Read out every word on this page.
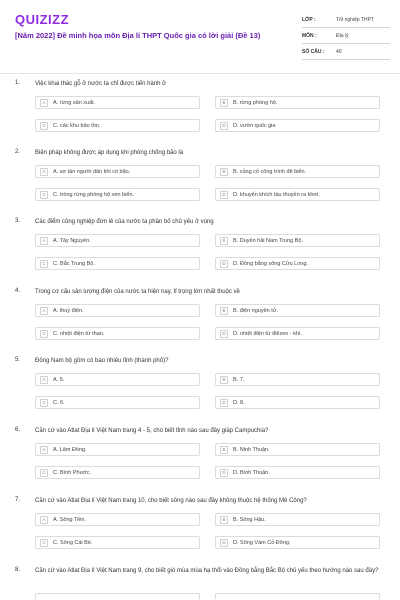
QUIZIZZ
[Năm 2022] Đề minh họa môn Địa lí THPT Quốc gia có lời giải (Đề 13)
LỚP :	Tốt nghiệp THPT
MÔN :	Địa lý
SỐ CÂU :	40
1. Việc khai thác gỗ ở nước ta chỉ được tiến hành ở
A	A. rừng sản xuất.	B	B. rừng phòng hộ.
C	C. các khu bảo tồn.	D	D. vườn quốc gia
2. Biện pháp không được áp dụng khi phòng chống bão là
A	A. sơ tán người dân khi có bão.	B	B. củng cố công trình đê biển.
C	C. trồng rừng phòng hộ ven biển.	D	D. khuyến khích tàu thuyền ra khơi.
3. Các điểm công nghiệp đơn lẻ của nước ta phân bố chủ yếu ở vùng
A	A. Tây Nguyên.	B	B. Duyên hải Nam Trung Bộ.
C	C. Bắc Trung Bộ.	D	D. Đồng bằng sông Cửu Long.
4. Trong cơ cấu sản lượng điện của nước ta hiện nay, tỉ trọng lớn nhất thuộc về
A	A. thuỷ điện.	B	B. điện nguyên tử.
C	C. nhiệt điện từ than.	D	D. nhiệt điện từ điêzen - khí.
5. Đông Nam bộ gồm có bao nhiêu tỉnh (thành phố)?
A	A. 5.	B	B. 7.
C	C. 6.	D	D. 8.
6. Căn cứ vào Atlat Địa lí Việt Nam trang 4 - 5, cho biết tỉnh nào sau đây giáp Campuchia?
A	A. Lâm Đồng.	B	B. Ninh Thuận.
C	C. Bình Phước.	D	D. Bình Thuận.
7. Căn cứ vào Atlat Địa lí Việt Nam trang 10, cho biết sông nào sau đây không thuộc hệ thống Mê Công?
A	A. Sông Tiền.	B	B. Sông Hậu.
C	C. Sông Cái Bè.	D	D. Sông Vàm Cỏ Đông.
8. Căn cứ vào Atlat Địa lí Việt Nam trang 9, cho biết gió mùa mùa hạ thổi vào Đồng bằng Bắc Bộ chủ yếu theo hướng nào sau đây?
